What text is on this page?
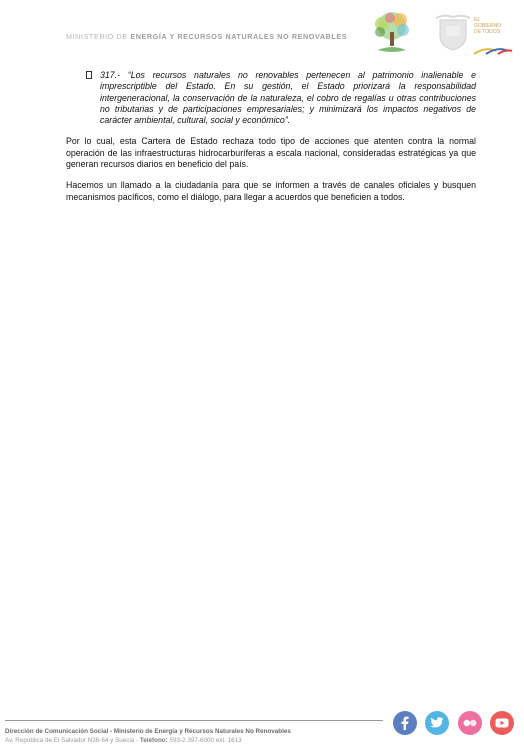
MINISTERIO DE ENERGÍA Y RECURSOS NATURALES NO RENOVABLES
EL
GOBIERNO
DE TODOS

317.- “Los recursos naturales no renovables pertenecen al patrimonio inalienable e imprescriptible del Estado. En su gestión, el Estado priorizará la responsabilidad intergeneracional, la conservación de la naturaleza, el cobro de regalías u otras contribuciones no tributarias y de participaciones empresariales; y minimizará los impactos negativos de carácter ambiental, cultural, social y económico”.

Por lo cual, esta Cartera de Estado rechaza todo tipo de acciones que atenten contra la normal operación de las infraestructuras hidrocarburíferas a escala nacional, consideradas estratégicas ya que generan recursos diarios en beneficio del país.

Hacemos un llamado a la ciudadanía para que se informen a través de canales oficiales y busquen mecanismos pacíficos, como el diálogo, para llegar a acuerdos que beneficien a todos.

Dirección de Comunicación Social - Ministerio de Energía y Recursos Naturales No Renovables
Av. República de El Salvador N36-64 y Suecia - Teléfono: 593-2 397-6000 ext. 1613
